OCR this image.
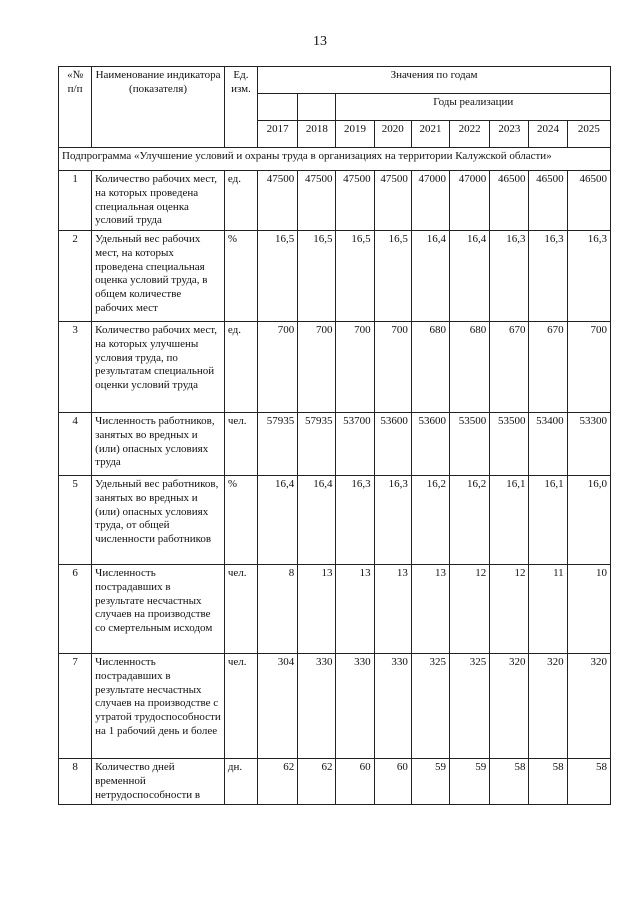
13
«№ п/п	Наименование индикатора (показателя)	Ед. изм.	Значения по годам								
					Годы реализации						
			2017	2018	2019	2020	2021	2022	2023	2024	2025
Подпрограмма «Улучшение условий и охраны труда в организациях на территории Калужской области»											
1	Количество рабочих мест, на которых проведена специальная оценка условий труда	ед.	47500	47500	47500	47500	47000	47000	46500	46500	46500
2	Удельный вес рабочих мест, на которых проведена специальная оценка условий труда, в общем количестве рабочих мест	%	16,5	16,5	16,5	16,5	16,4	16,4	16,3	16,3	16,3
3	Количество рабочих мест, на которых улучшены условия труда, по результатам специальной оценки условий труда	ед.	700	700	700	700	680	680	670	670	700
4	Численность работников, занятых во вредных и (или) опасных условиях труда	чел.	57935	57935	53700	53600	53600	53500	53500	53400	53300
5	Удельный вес работников, занятых во вредных и (или) опасных условиях труда, от общей численности работников	%	16,4	16,4	16,3	16,3	16,2	16,2	16,1	16,1	16,0
6	Численность пострадавших в результате несчастных случаев на производстве со смертельным исходом	чел.	8	13	13	13	13	12	12	11	10
7	Численность пострадавших в результате несчастных случаев на производстве с утратой трудоспособности на 1 рабочий день и более	чел.	304	330	330	330	325	325	320	320	320
8	Количество дней временной нетрудоспособности в	дн.	62	62	60	60	59	59	58	58	58
